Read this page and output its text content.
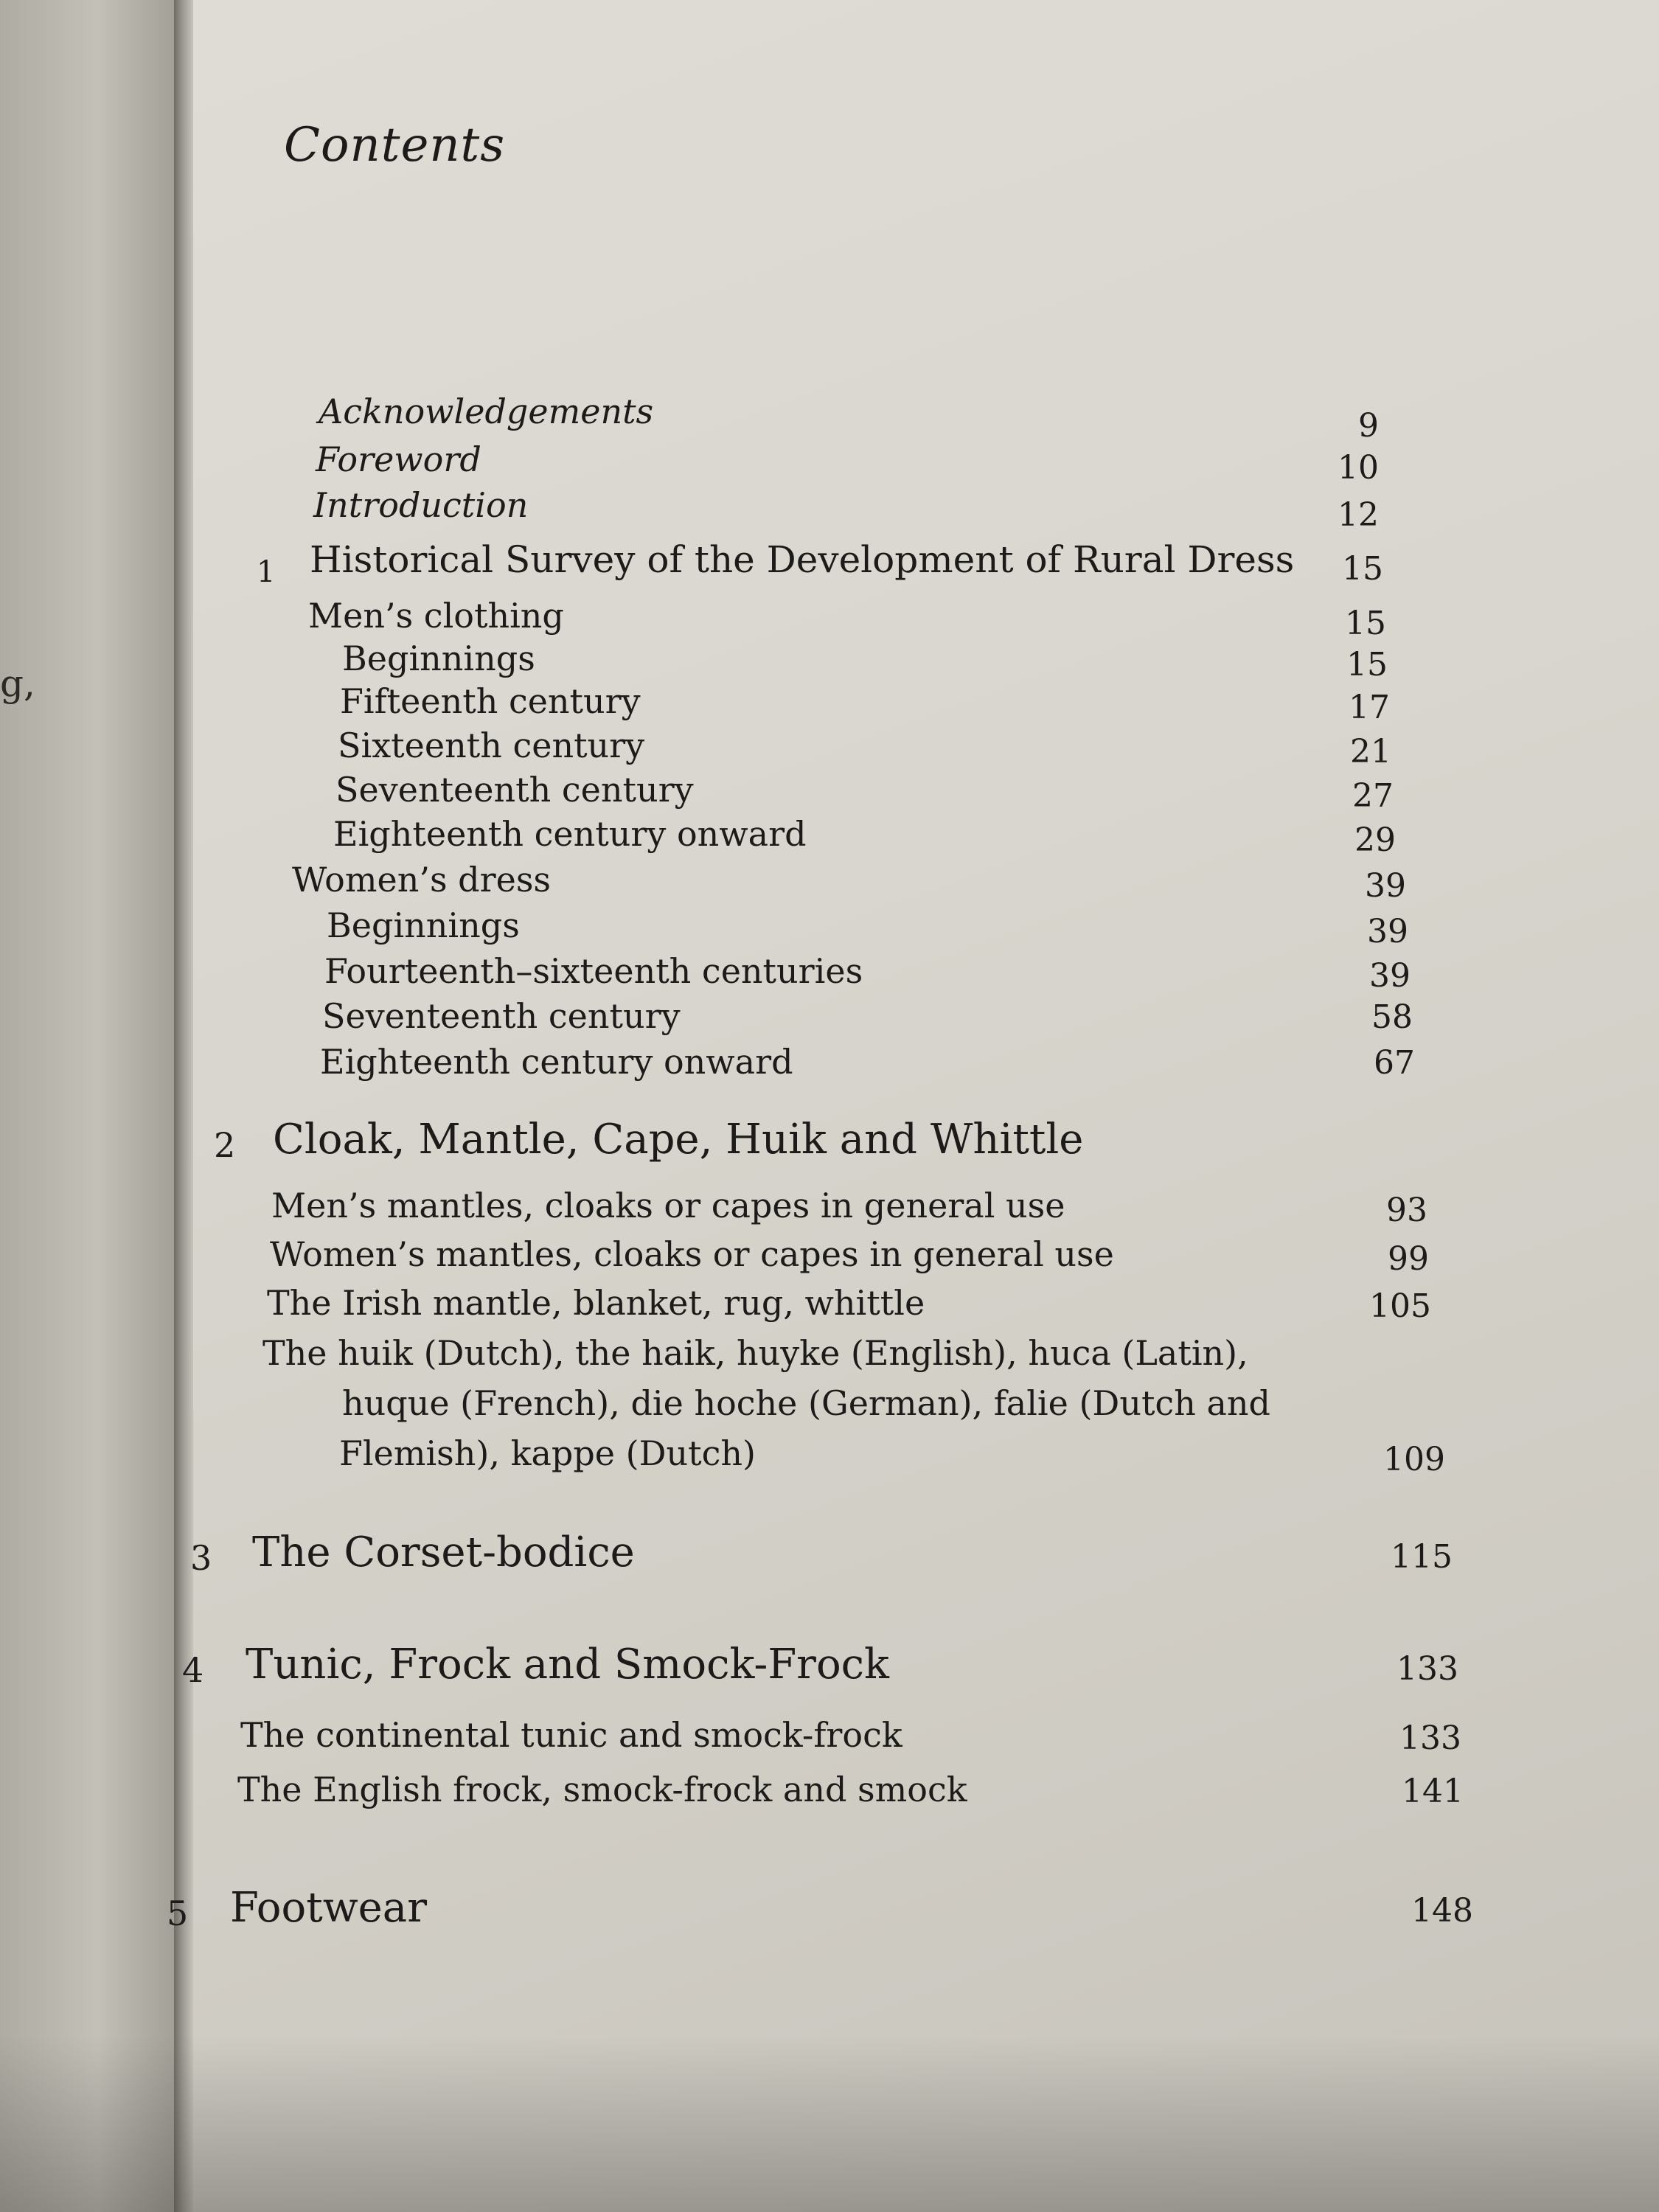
g,
Contents
Acknowledgements	9
Foreword	10
Introduction	12
1 Historical Survey of the Development of Rural Dress	15
Men’s clothing	15
Beginnings	15
Fifteenth century	17
Sixteenth century	21
Seventeenth century	27
Eighteenth century onward	29
Women’s dress	39
Beginnings	39
Fourteenth–sixteenth centuries	39
Seventeenth century	58
Eighteenth century onward	67
2 Cloak, Mantle, Cape, Huik and Whittle
Men’s mantles, cloaks or capes in general use	93
Women’s mantles, cloaks or capes in general use	99
The Irish mantle, blanket, rug, whittle	105
The huik (Dutch), the haik, huyke (English), huca (Latin),
huque (French), die hoche (German), falie (Dutch and
Flemish), kappe (Dutch)	109
3 The Corset-bodice	115
4 Tunic, Frock and Smock-Frock	133
The continental tunic and smock-frock	133
The English frock, smock-frock and smock	141
5 Footwear	148
